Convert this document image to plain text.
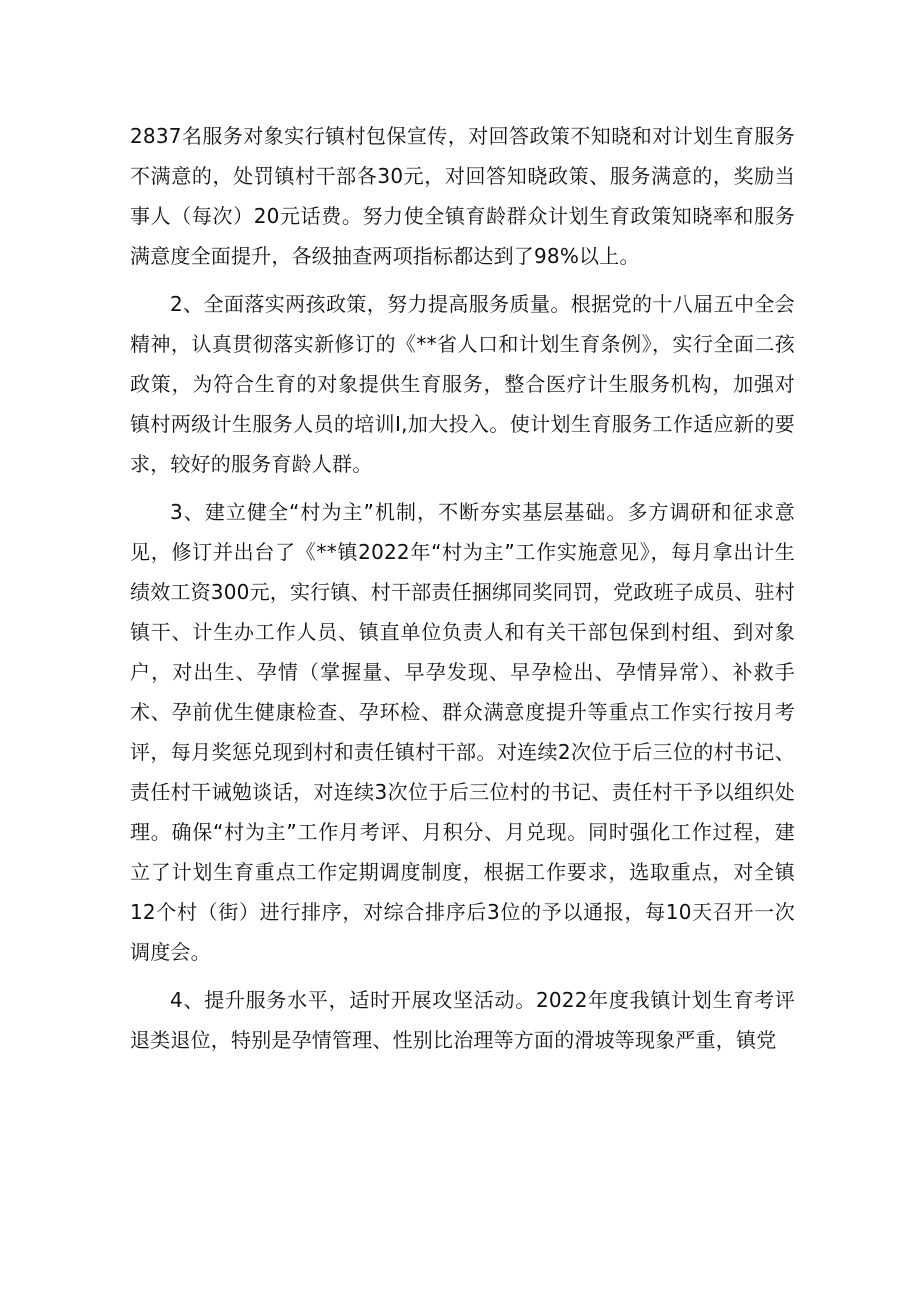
2837名服务对象实行镇村包保宣传，对回答政策不知晓和对计划生育服务不满意的，处罚镇村干部各30元，对回答知晓政策、服务满意的，奖励当事人（每次）20元话费。努力使全镇育龄群众计划生育政策知晓率和服务满意度全面提升，各级抽查两项指标都达到了98%以上。

2、全面落实两孩政策，努力提高服务质量。根据党的十八届五中全会精神，认真贯彻落实新修订的《**省人口和计划生育条例》，实行全面二孩政策，为符合生育的对象提供生育服务，整合医疗计生服务机构，加强对镇村两级计生服务人员的培训I,加大投入。使计划生育服务工作适应新的要求，较好的服务育龄人群。

3、建立健全“村为主”机制，不断夯实基层基础。多方调研和征求意见，修订并出台了《**镇2022年“村为主”工作实施意见》，每月拿出计生绩效工资300元，实行镇、村干部责任捆绑同奖同罚，党政班子成员、驻村镇干、计生办工作人员、镇直单位负责人和有关干部包保到村组、到对象户，对出生、孕情（掌握量、早孕发现、早孕检出、孕情异常）、补救手术、孕前优生健康检查、孕环检、群众满意度提升等重点工作实行按月考评，每月奖惩兑现到村和责任镇村干部。对连续2次位于后三位的村书记、责任村干诫勉谈话，对连续3次位于后三位村的书记、责任村干予以组织处理。确保“村为主”工作月考评、月积分、月兑现。同时强化工作过程，建立了计划生育重点工作定期调度制度，根据工作要求，选取重点，对全镇12个村（街）进行排序，对综合排序后3位的予以通报，每10天召开一次调度会。

4、提升服务水平，适时开展攻坚活动。2022年度我镇计划生育考评退类退位，特别是孕情管理、性别比治理等方面的滑坡等现象严重，镇党
